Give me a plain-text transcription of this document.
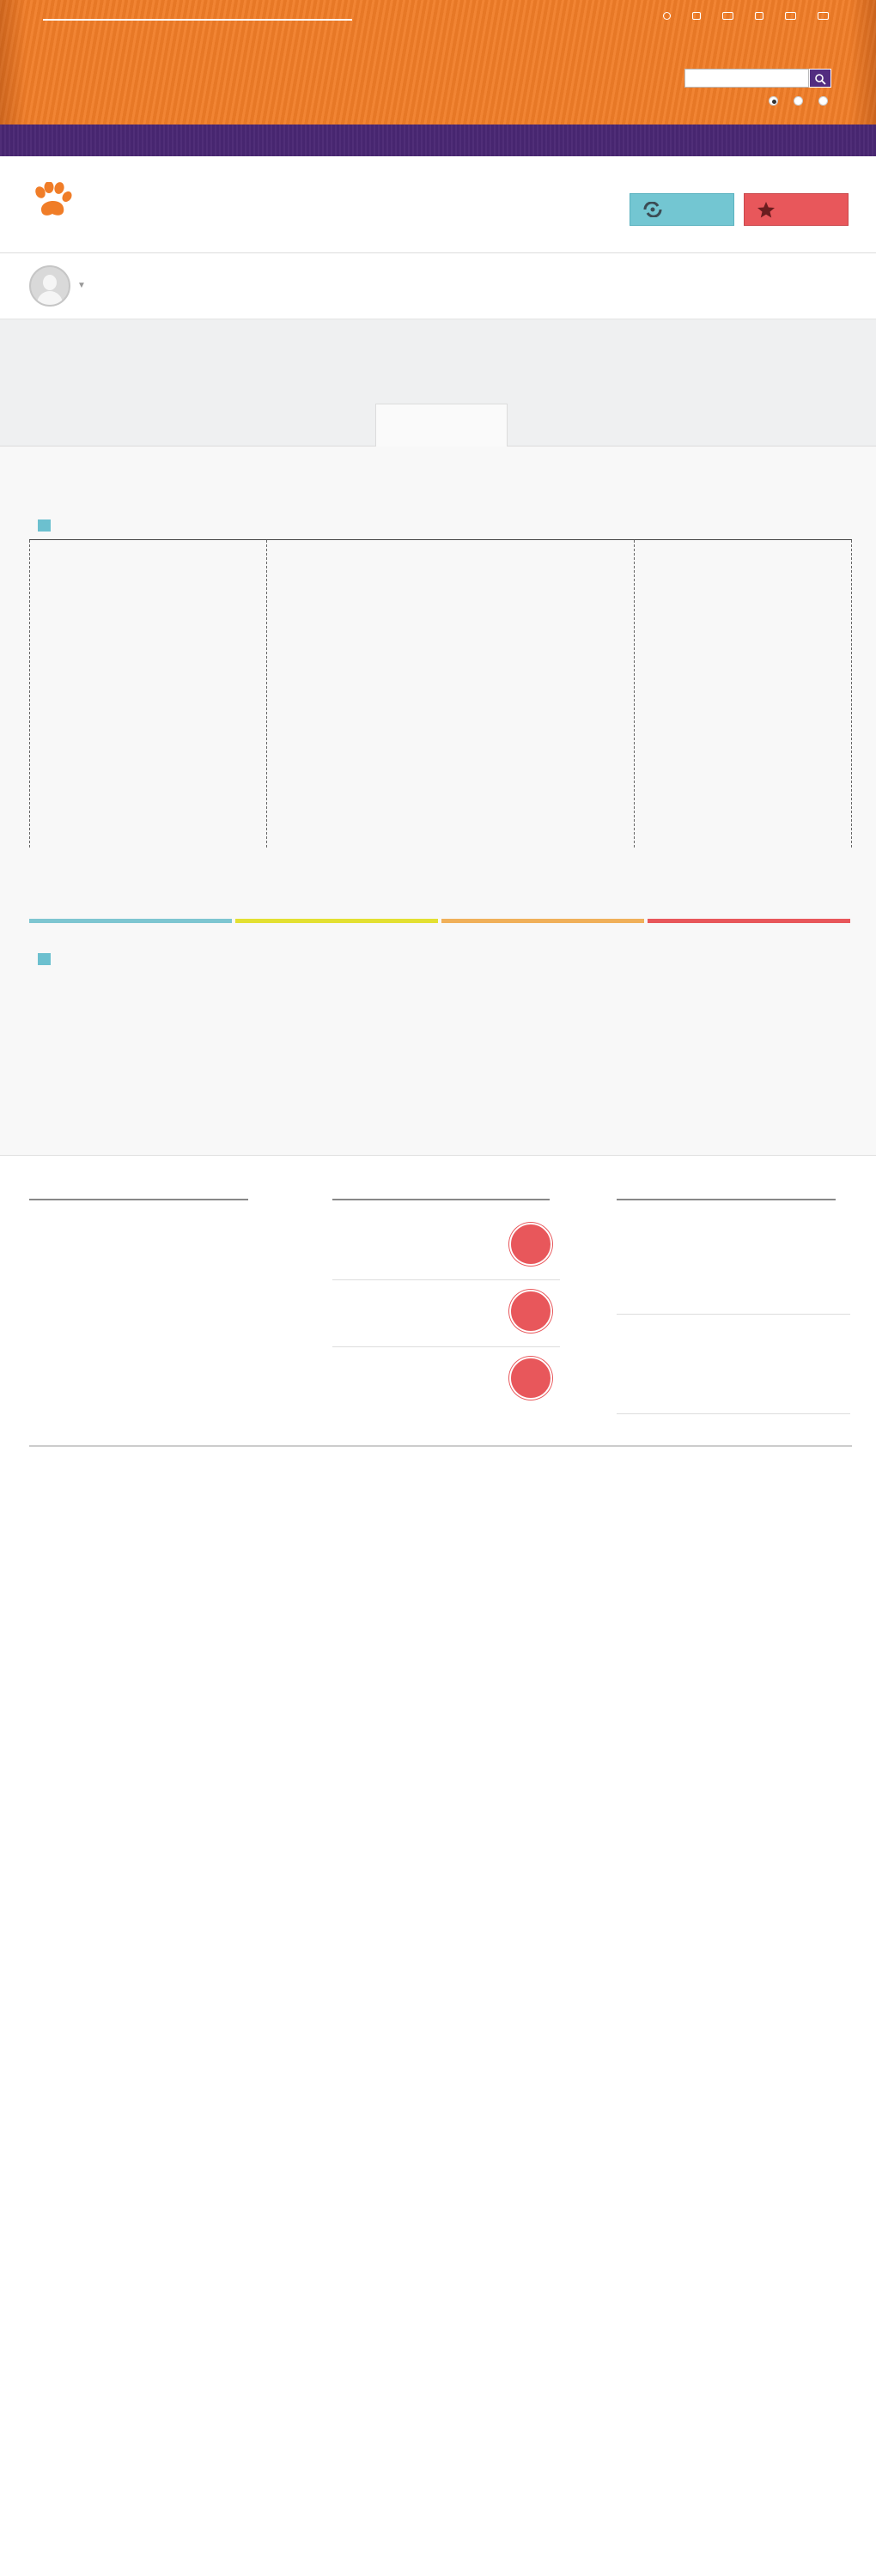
▼
